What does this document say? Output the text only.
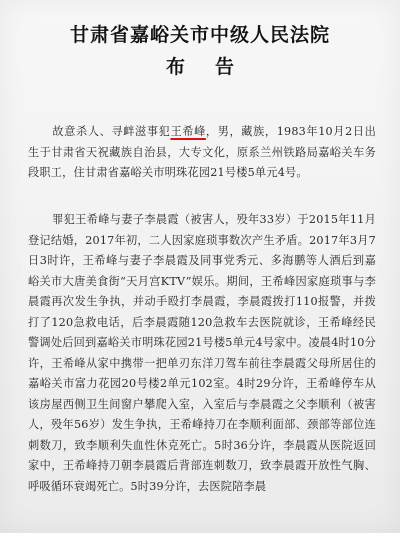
甘肃省嘉峪关市中级人民法院
布告
故意杀人、寻衅滋事犯王希峰，男，藏族，1983年10月2日出生于甘肃省天祝藏族自治县，大专文化，原系兰州铁路局嘉峪关车务段职工，住甘肃省嘉峪关市明珠花园21号楼5单元4号。
罪犯王希峰与妻子李晨霞（被害人，殁年33岁）于2015年11月登记结婚，2017年初，二人因家庭琐事数次产生矛盾。2017年3月7日3时许，王希峰与妻子李晨霞及同事党秀元、多海鹏等人酒后到嘉峪关市大唐美食街“天月宫KTV”娱乐。期间，王希峰因家庭琐事与李晨霞再次发生争执，并动手殴打李晨霞，李晨霞拨打110报警，并拨打了120急救电话，后李晨霞随120急救车去医院就诊，王希峰经民警调处后回到嘉峪关市明珠花园21号楼5单元4号家中。凌晨4时10分许，王希峰从家中携带一把单刃东洋刀驾车前往李晨霞父母所居住的嘉峪关市富力花园20号楼2单元102室。4时29分许，王希峰停车从该房屋西侧卫生间窗户攀爬入室，入室后与李晨霞之父李顺利（被害人，殁年56岁）发生争执，王希峰持刀在李顺利面部、颈部等部位连刺数刀，致李顺利失血性休克死亡。5时36分许，李晨霞从医院返回家中，王希峰持刀朝李晨霞后背部连刺数刀，致李晨霞开放性气胸、呼吸循环衰竭死亡。5时39分许，去医院陪李晨
